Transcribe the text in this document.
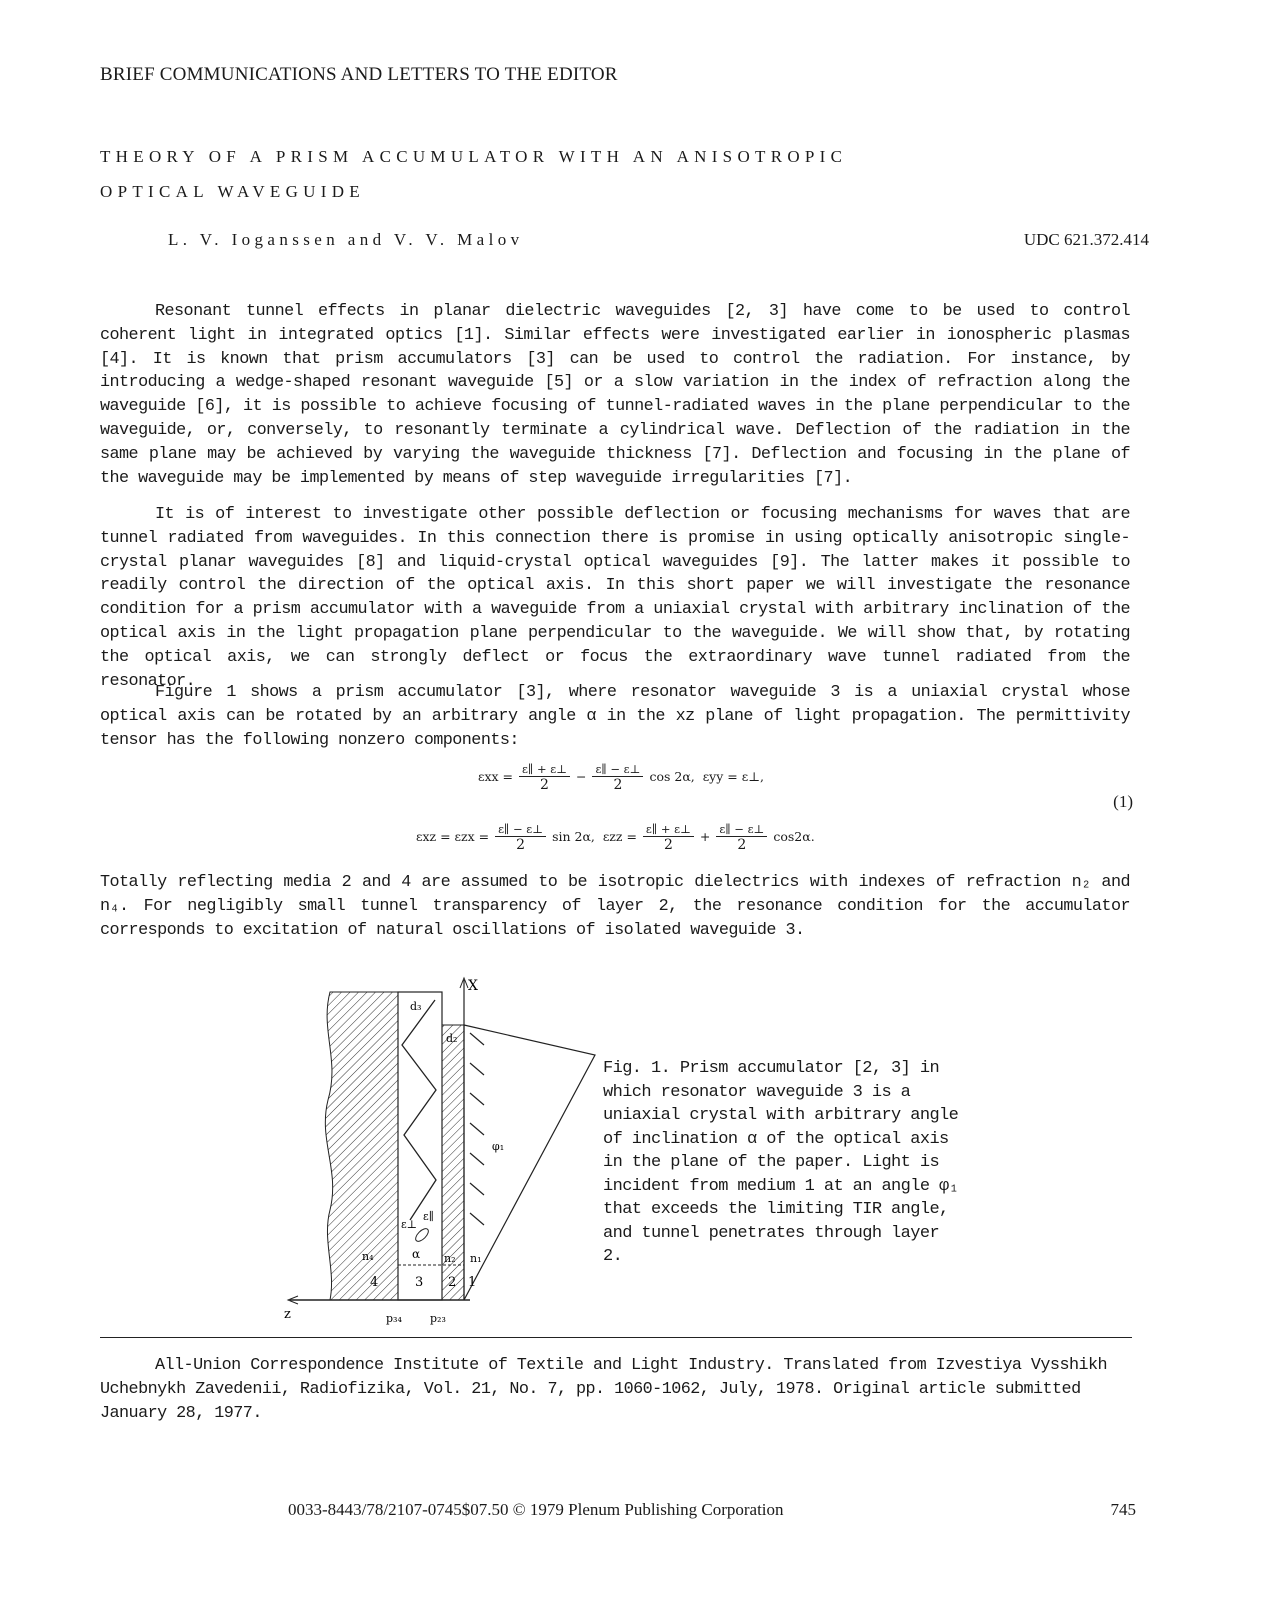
BRIEF COMMUNICATIONS AND LETTERS TO THE EDITOR
THEORY OF A PRISM ACCUMULATOR WITH AN ANISOTROPIC
OPTICAL WAVEGUIDE
L. V. Ioganssen and V. V. Malov	UDC 621.372.414

Resonant tunnel effects in planar dielectric waveguides [2, 3] have come to be used to control coherent light in integrated optics [1]. Similar effects were investigated earlier in ionospheric plasmas [4]. It is known that prism accumulators [3] can be used to control the radiation. For instance, by introducing a wedge-shaped resonant waveguide [5] or a slow variation in the index of refraction along the waveguide [6], it is possible to achieve focusing of tunnel-radiated waves in the plane perpendicular to the waveguide, or, conversely, to resonantly terminate a cylindrical wave. Deflection of the radiation in the same plane may be achieved by varying the waveguide thickness [7]. Deflection and focusing in the plane of the waveguide may be implemented by means of step waveguide irregularities [7].

It is of interest to investigate other possible deflection or focusing mechanisms for waves that are tunnel radiated from waveguides. In this connection there is promise in using optically anisotropic single-crystal planar waveguides [8] and liquid-crystal optical waveguides [9]. The latter makes it possible to readily control the direction of the optical axis. In this short paper we will investigate the resonance condition for a prism accumulator with a waveguide from a uniaxial crystal with arbitrary inclination of the optical axis in the light propagation plane perpendicular to the waveguide. We will show that, by rotating the optical axis, we can strongly deflect or focus the extraordinary wave tunnel radiated from the resonator.

Figure 1 shows a prism accumulator [3], where resonator waveguide 3 is a uniaxial crystal whose optical axis can be rotated by an arbitrary angle α in the xz plane of light propagation. The permittivity tensor has the following nonzero components:

$\varepsilon xx = \frac{\varepsilon\parallel + \varepsilon\perp}{2} - \frac{\varepsilon\parallel - \varepsilon\perp}{2}$ cos 2α, εyy = ε⊥,
(1)
$\varepsilon xz = \varepsilon zx = \frac{\varepsilon\parallel - \varepsilon\perp}{2}$ sin 2α, $\varepsilon zz = \frac{\varepsilon\parallel + \varepsilon\perp}{2} + \frac{\varepsilon\parallel - \varepsilon\perp}{2} \cos 2\alpha$.

Totally reflecting media 2 and 4 are assumed to be isotropic dielectrics with indexes of refraction n₂ and n₄. For negligibly small tunnel transparency of layer 2, the resonance condition for the accumulator corresponds to excitation of natural oscillations of isolated waveguide 3.

X
z
ε⊥
ε∥
α
d₃
d₂
φ₁
n₄	n₂ n₁
4	3 2 1
p₃₄	p₂₃
Fig. 1. Prism accumulator [2, 3] in which resonator waveguide 3 is a uniaxial crystal with arbitrary angle of inclination α of the optical axis in the plane of the paper. Light is incident from medium 1 at an angle φ₁ that exceeds the limiting TIR angle, and tunnel penetrates through layer 2.

All-Union Correspondence Institute of Textile and Light Industry. Translated from Izvestiya Vysshikh Uchebnykh Zavedenii, Radiofizika, Vol. 21, No. 7, pp. 1060-1062, July, 1978. Original article submitted January 28, 1977.

0033-8443/78/2107-0745$07.50 © 1979 Plenum Publishing Corporation	745
